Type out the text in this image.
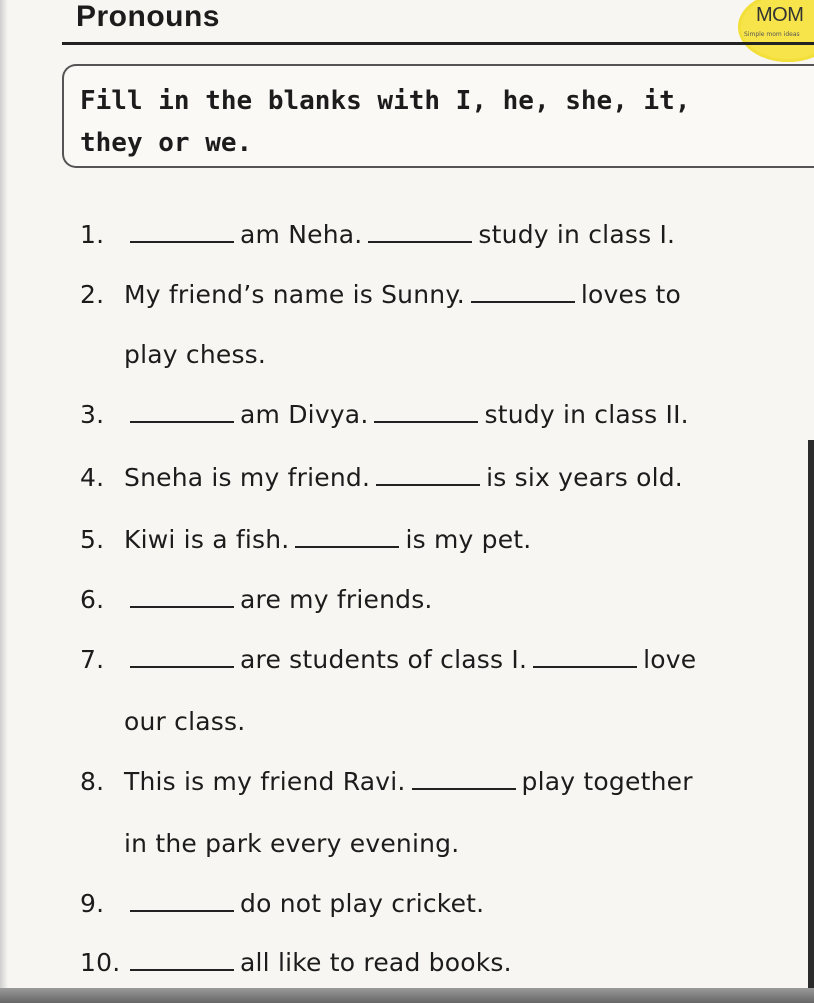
MOM
Simple mom ideas
Pronouns
Fill in the blanks with I, he, she, it,
they or we.
1.	am Neha.	study in class I.
2. My friend’s name is Sunny.	loves to
play chess.
3.	am Divya.	study in class II.
4. Sneha is my friend.	is six years old.
5. Kiwi is a fish.	is my pet.
6.	are my friends.
7.	are students of class I.	love
our class.
8. This is my friend Ravi.	play together
in the park every evening.
9.	do not play cricket.
10.	all like to read books.
